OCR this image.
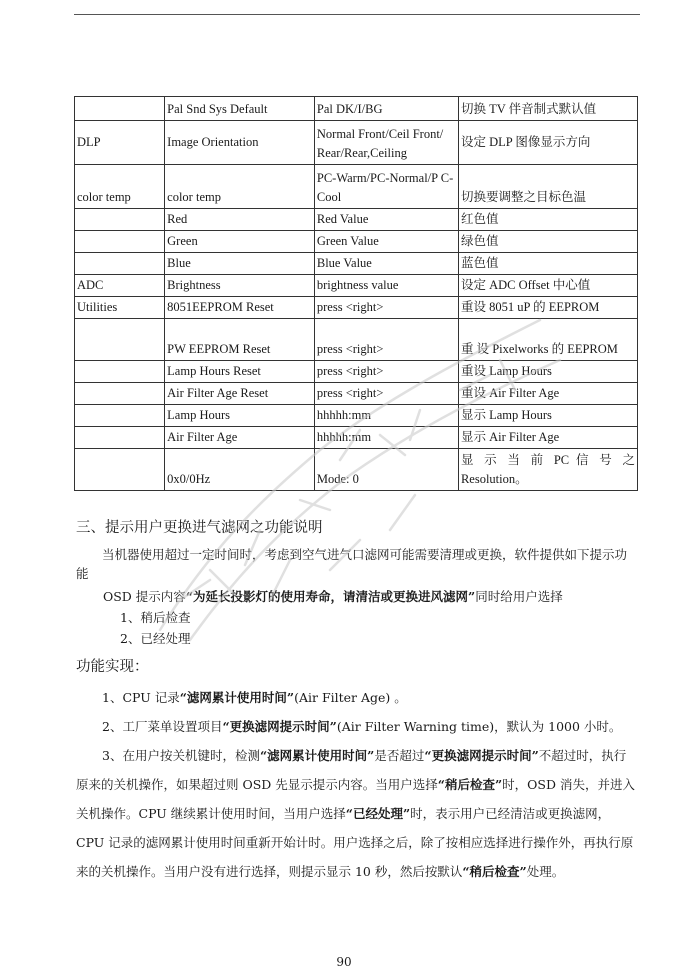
	Pal Snd Sys Default	Pal DK/I/BG	切换 TV 伴音制式默认值
DLP	Image Orientation	Normal Front/Ceil Front/ Rear/Rear,Ceiling	设定 DLP 图像显示方向
color temp	color temp	PC-Warm/PC-Normal/P C-Cool	切换要调整之目标色温
	Red	Red Value	红色值
	Green	Green Value	绿色值
	Blue	Blue Value	蓝色值
ADC	Brightness	brightness value	设定 ADC Offset 中心值
Utilities	8051EEPROM Reset	press <right>	重设 8051 uP 的 EEPROM
	PW EEPROM Reset	press <right>	重 设 Pixelworks 的 EEPROM
	Lamp Hours Reset	press <right>	重设 Lamp Hours
	Air Filter Age Reset	press <right>	重设 Air Filter Age
	Lamp Hours	hhhhh:mm	显示 Lamp Hours
	Air Filter Age	hhhhh:mm	显示 Air Filter Age
	0x0/0Hz	Mode: 0	显 示 当 前 PC 信 号 之 Resolution。
三、提示用户更换进气滤网之功能说明
当机器使用超过一定时间时，考虑到空气进气口滤网可能需要清理或更换，软件提供如下提示功能
OSD 提示内容“为延长投影灯的使用寿命，请清洁或更换进风滤网”同时给用户选择
1、稍后检查
2、已经处理
功能实现：
1、CPU 记录“滤网累计使用时间”(Air Filter Age) 。
2、工厂菜单设置项目“更换滤网提示时间”(Air Filter Warning time)，默认为 1000 小时。
3、在用户按关机键时，检测“滤网累计使用时间”是否超过“更换滤网提示时间”不超过时，执行原来的关机操作，如果超过则 OSD 先显示提示内容。当用户选择“稍后检查”时，OSD 消失，并进入关机操作。CPU 继续累计使用时间，当用户选择“已经处理”时，表示用户已经清洁或更换滤网，CPU 记录的滤网累计使用时间重新开始计时。用户选择之后，除了按相应选择进行操作外，再执行原来的关机操作。当用户没有进行选择，则提示显示 10 秒，然后按默认“稍后检查”处理。
90
